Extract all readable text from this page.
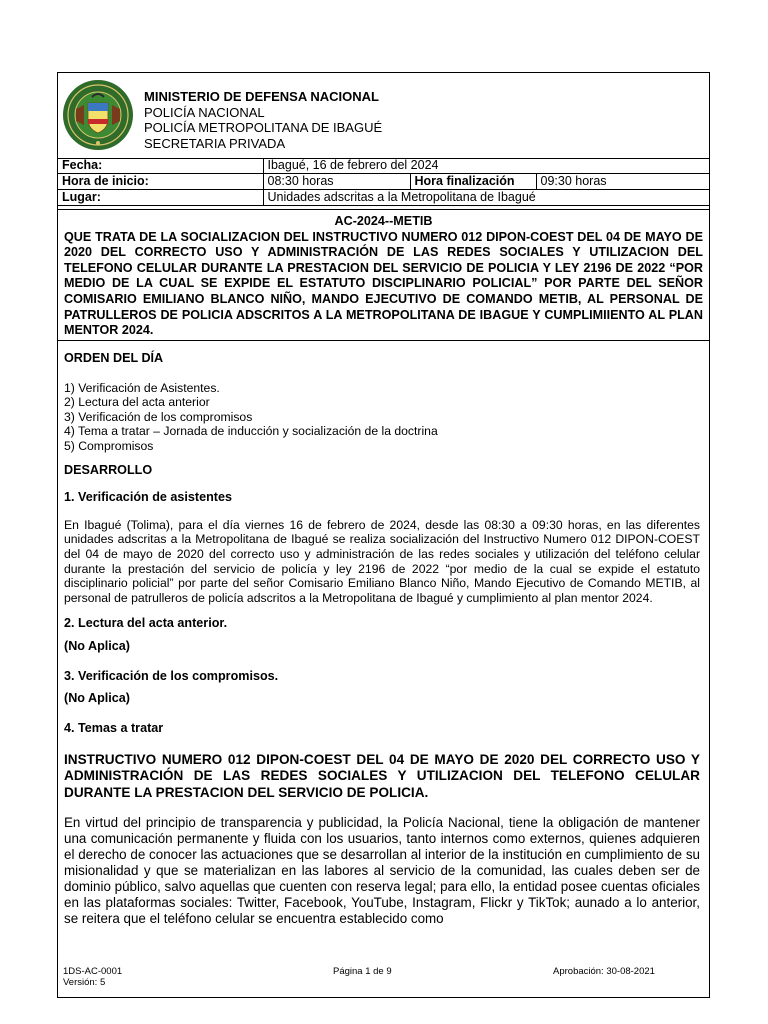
MINISTERIO DE DEFENSA NACIONAL
POLICÍA NACIONAL
POLICÍA METROPOLITANA DE IBAGUÉ
SECRETARIA PRIVADA
Fecha:	Ibagué, 16 de febrero del 2024		
Hora de inicio:	08:30 horas	Hora finalización	09:30 horas
Lugar:	Unidades adscritas a la Metropolitana de Ibagué		
AC-2024--METIB
QUE TRATA DE LA SOCIALIZACION DEL INSTRUCTIVO NUMERO 012 DIPON-COEST DEL 04 DE MAYO DE 2020 DEL CORRECTO USO Y ADMINISTRACIÓN DE LAS REDES SOCIALES Y UTILIZACION DEL TELEFONO CELULAR DURANTE LA PRESTACION DEL SERVICIO DE POLICIA Y LEY 2196 DE 2022 “POR MEDIO DE LA CUAL SE EXPIDE EL ESTATUTO DISCIPLINARIO POLICIAL” POR PARTE DEL SEÑOR COMISARIO EMILIANO BLANCO NIÑO, MANDO EJECUTIVO DE COMANDO METIB, AL PERSONAL DE PATRULLEROS DE POLICIA ADSCRITOS A LA METROPOLITANA DE IBAGUE Y CUMPLIMIIENTO AL PLAN MENTOR 2024.
ORDEN DEL DÍA
1) Verificación de Asistentes.
2) Lectura del acta anterior
3) Verificación de los compromisos
4) Tema a tratar – Jornada de inducción y socialización de la doctrina
5) Compromisos
DESARROLLO
1. Verificación de asistentes

En Ibagué (Tolima), para el día viernes 16 de febrero de 2024, desde las 08:30 a 09:30 horas, en las diferentes unidades adscritas a la Metropolitana de Ibagué se realiza socialización del Instructivo Numero 012 DIPON-COEST del 04 de mayo de 2020 del correcto uso y administración de las redes sociales y utilización del teléfono celular durante la prestación del servicio de policía y ley 2196 de 2022 “por medio de la cual se expide el estatuto disciplinario policial” por parte del señor Comisario Emiliano Blanco Niño, Mando Ejecutivo de Comando METIB, al personal de patrulleros de policía adscritos a la Metropolitana de Ibagué y cumplimiento al plan mentor 2024.

2. Lectura del acta anterior.
(No Aplica)
3. Verificación de los compromisos.
(No Aplica)
4. Temas a tratar

INSTRUCTIVO NUMERO 012 DIPON-COEST DEL 04 DE MAYO DE 2020 DEL CORRECTO USO Y ADMINISTRACIÓN DE LAS REDES SOCIALES Y UTILIZACION DEL TELEFONO CELULAR DURANTE LA PRESTACION DEL SERVICIO DE POLICIA.

En virtud del principio de transparencia y publicidad, la Policía Nacional, tiene la obligación de mantener una comunicación permanente y fluida con los usuarios, tanto internos como externos, quienes adquieren el derecho de conocer las actuaciones que se desarrollan al interior de la institución en cumplimiento de su misionalidad y que se materializan en las labores al servicio de la comunidad, las cuales deben ser de dominio público, salvo aquellas que cuenten con reserva legal; para ello, la entidad posee cuentas oficiales en las plataformas sociales: Twitter, Facebook, YouTube, Instagram, Flickr y TikTok; aunado a lo anterior, se reitera que el teléfono celular se encuentra establecido como

1DS-AC-0001
Versión: 5
Página 1 de 9	Aprobación: 30-08-2021
